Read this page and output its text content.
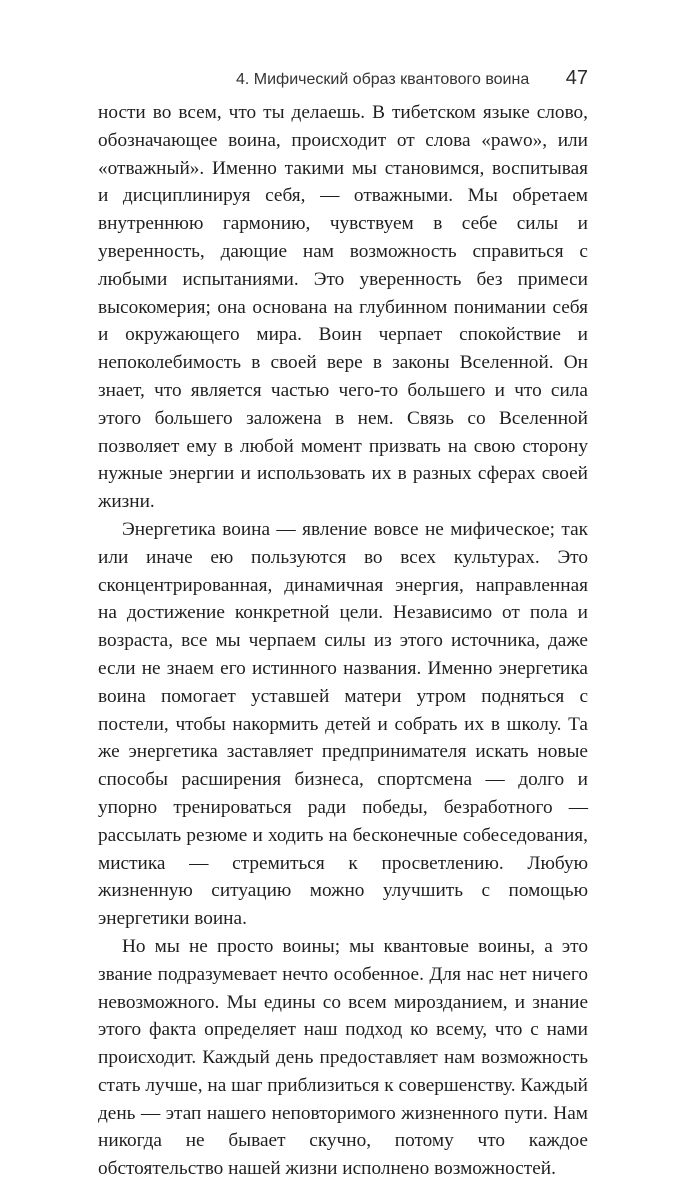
4. Мифический образ квантового воина 47

ности во всем, что ты делаешь. В тибетском языке слово, обозначающее воина, происходит от слова «pawo», или «отважный». Именно такими мы становимся, воспитывая и дисциплинируя себя, — отважными. Мы обретаем внутреннюю гармонию, чувствуем в себе силы и уверенность, дающие нам возможность справиться с любыми испытаниями. Это уверенность без примеси высокомерия; она основана на глубинном понимании себя и окружающего мира. Воин черпает спокойствие и непоколебимость в своей вере в законы Вселенной. Он знает, что является частью чего-то большего и что сила этого большего заложена в нем. Связь со Вселенной позволяет ему в любой момент призвать на свою сторону нужные энергии и использовать их в разных сферах своей жизни.

Энергетика воина — явление вовсе не мифическое; так или иначе ею пользуются во всех культурах. Это сконцентрированная, динамичная энергия, направленная на достижение конкретной цели. Независимо от пола и возраста, все мы черпаем силы из этого источника, даже если не знаем его истинного названия. Именно энергетика воина помогает уставшей матери утром подняться с постели, чтобы накормить детей и собрать их в школу. Та же энергетика заставляет предпринимателя искать новые способы расширения бизнеса, спортсмена — долго и упорно тренироваться ради победы, безработного — рассылать резюме и ходить на бесконечные собеседования, мистика — стремиться к просветлению. Любую жизненную ситуацию можно улучшить с помощью энергетики воина.

Но мы не просто воины; мы квантовые воины, а это звание подразумевает нечто особенное. Для нас нет ничего невозможного. Мы едины со всем мирозданием, и знание этого факта определяет наш подход ко всему, что с нами происходит. Каждый день предоставляет нам возможность стать лучше, на шаг приблизиться к совершенству. Каждый день — этап нашего неповторимого жизненного пути. Нам никогда не бывает скучно, потому что каждое обстоятельство нашей жизни исполнено возможностей.
